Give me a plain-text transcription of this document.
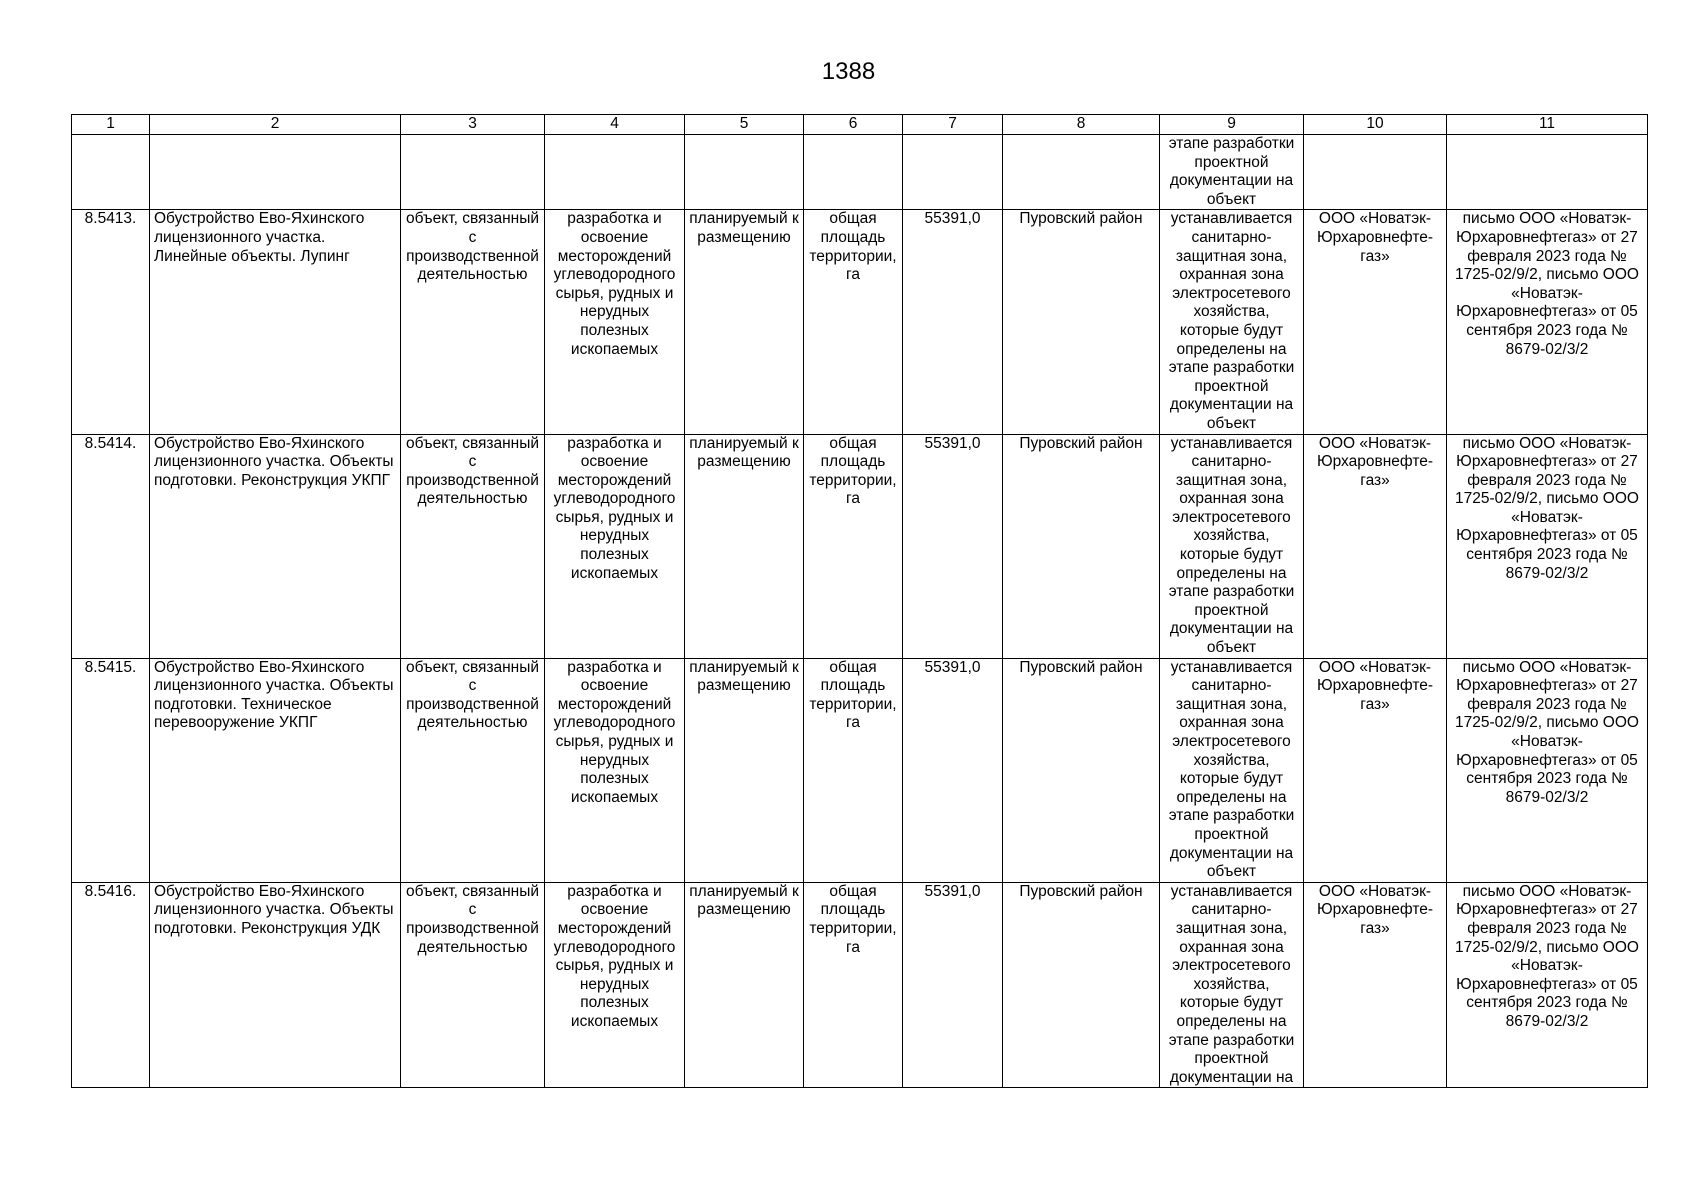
1388
1	2	3	4	5	6	7	8	9	10	11
								этапе разработки проектной документации на объект		
8.5413.	Обустройство Ево-Яхинского лицензионного участка. Линейные объекты. Лупинг	объект, связанный с производственной деятельностью	разработка и освоение месторождений углеводородного сырья, рудных и нерудных полезных ископаемых	планируемый к размещению	общая площадь территории, га	55391,0	Пуровский район	устанавливается санитарно-защитная зона, охранная зона электросетевого хозяйства, которые будут определены на этапе разработки проектной документации на объект	ООО «Новатэк-Юрхаровнефте-газ»	письмо ООО «Новатэк-Юрхаровнефтегаз» от 27 февраля 2023 года № 1725-02/9/2, письмо ООО «Новатэк-Юрхаровнефтегаз» от 05 сентября 2023 года № 8679-02/3/2
8.5414.	Обустройство Ево-Яхинского лицензионного участка. Объекты подготовки. Реконструкция УКПГ	объект, связанный с производственной деятельностью	разработка и освоение месторождений углеводородного сырья, рудных и нерудных полезных ископаемых	планируемый к размещению	общая площадь территории, га	55391,0	Пуровский район	устанавливается санитарно-защитная зона, охранная зона электросетевого хозяйства, которые будут определены на этапе разработки проектной документации на объект	ООО «Новатэк-Юрхаровнефте-газ»	письмо ООО «Новатэк-Юрхаровнефтегаз» от 27 февраля 2023 года № 1725-02/9/2, письмо ООО «Новатэк-Юрхаровнефтегаз» от 05 сентября 2023 года № 8679-02/3/2
8.5415.	Обустройство Ево-Яхинского лицензионного участка. Объекты подготовки. Техническое перевооружение УКПГ	объект, связанный с производственной деятельностью	разработка и освоение месторождений углеводородного сырья, рудных и нерудных полезных ископаемых	планируемый к размещению	общая площадь территории, га	55391,0	Пуровский район	устанавливается санитарно-защитная зона, охранная зона электросетевого хозяйства, которые будут определены на этапе разработки проектной документации на объект	ООО «Новатэк-Юрхаровнефте-газ»	письмо ООО «Новатэк-Юрхаровнефтегаз» от 27 февраля 2023 года № 1725-02/9/2, письмо ООО «Новатэк-Юрхаровнефтегаз» от 05 сентября 2023 года № 8679-02/3/2
8.5416.	Обустройство Ево-Яхинского лицензионного участка. Объекты подготовки. Реконструкция УДК	объект, связанный с производственной деятельностью	разработка и освоение месторождений углеводородного сырья, рудных и нерудных полезных ископаемых	планируемый к размещению	общая площадь территории, га	55391,0	Пуровский район	устанавливается санитарно-защитная зона, охранная зона электросетевого хозяйства, которые будут определены на этапе разработки проектной документации на	ООО «Новатэк-Юрхаровнефте-газ»	письмо ООО «Новатэк-Юрхаровнефтегаз» от 27 февраля 2023 года № 1725-02/9/2, письмо ООО «Новатэк-Юрхаровнефтегаз» от 05 сентября 2023 года № 8679-02/3/2
